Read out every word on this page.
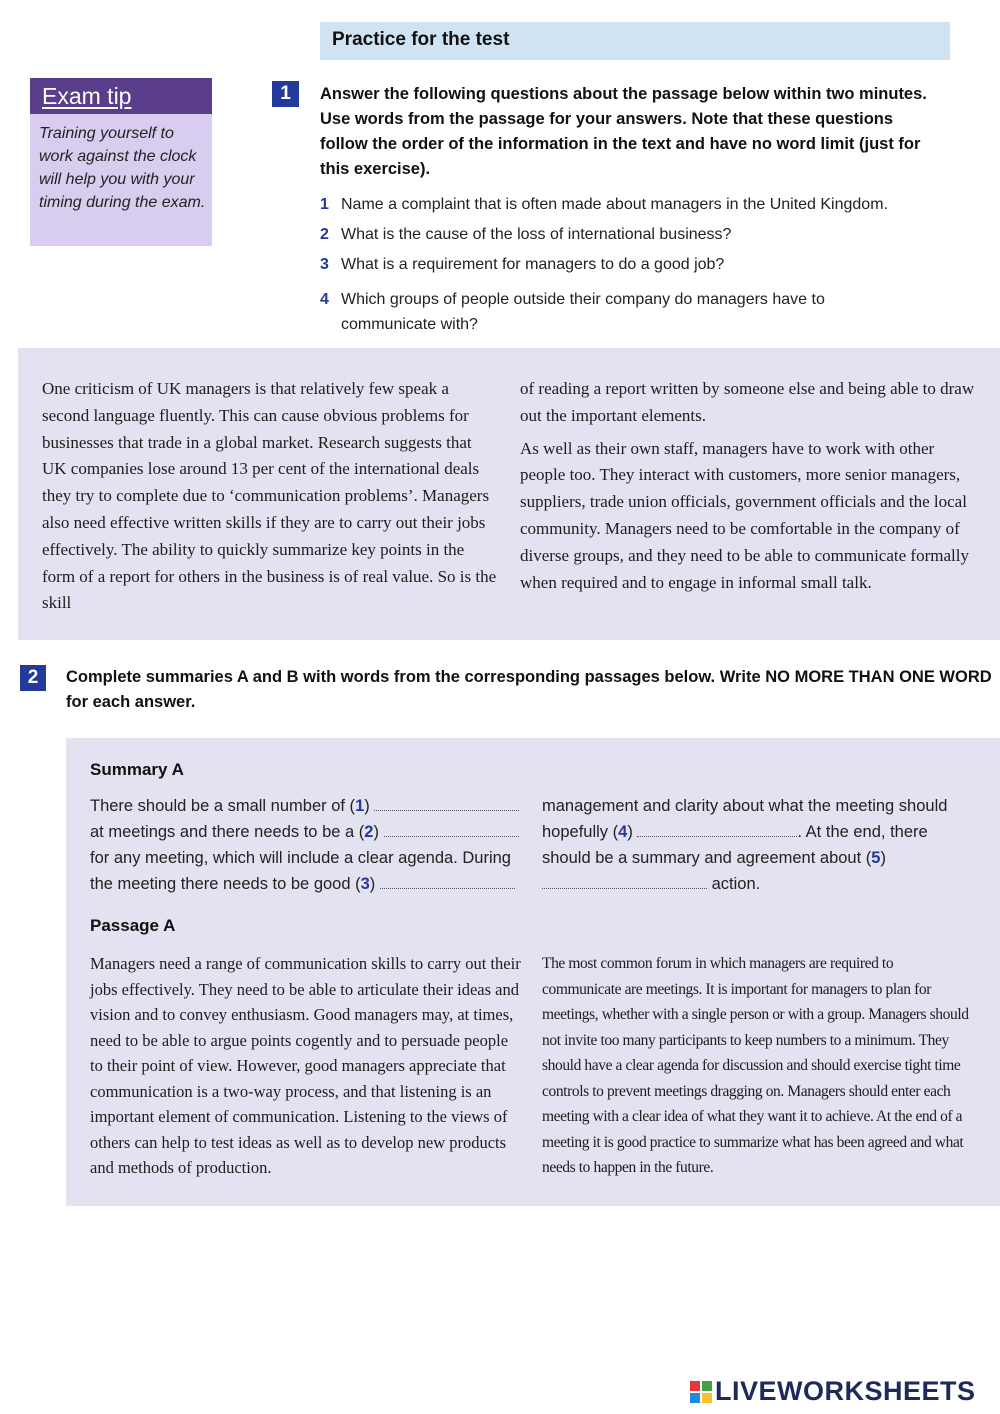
Practice for the test
Exam tip

Training yourself to work against the clock will help you with your timing during the exam.

1	Answer the following questions about the passage below within two minutes. Use words from the passage for your answers. Note that these questions follow the order of the information in the text and have no word limit (just for this exercise).
1 Name a complaint that is often made about managers in the United Kingdom.
2 What is the cause of the loss of international business?
3 What is a requirement for managers to do a good job?
4 Which groups of people outside their company do managers have to communicate with?

One criticism of UK managers is that relatively few speak a second language fluently. This can cause obvious problems for businesses that trade in a global market. Research suggests that UK companies lose around 13 per cent of the international deals they try to complete due to ‘communication problems’. Managers also need effective written skills if they are to carry out their jobs effectively. The ability to quickly summarize key points in the form of a report for others in the business is of real value. So is the skill

of reading a report written by someone else and being able to draw out the important elements.

As well as their own staff, managers have to work with other people too. They interact with customers, more senior managers, suppliers, trade union officials, government officials and the local community. Managers need to be comfortable in the company of diverse groups, and they need to be able to communicate formally when required and to engage in informal small talk.

2	Complete summaries A and B with words from the corresponding passages below. Write NO MORE THAN ONE WORD for each answer.
Summary A
There should be a small number of (1)
at meetings and there needs to be a (2)
for any meeting, which will include a clear agenda. During the meeting there needs to be good (3)
management and clarity about what the meeting should hopefully (4)	. At the end, there should be a summary and agreement about (5)  action.
Passage A

Managers need a range of communication skills to carry out their jobs effectively. They need to be able to articulate their ideas and vision and to convey enthusiasm. Good managers may, at times, need to be able to argue points cogently and to persuade people to their point of view. However, good managers appreciate that communication is a two-way process, and that listening is an important element of communication. Listening to the views of others can help to test ideas as well as to develop new products and methods of production.

The most common forum in which managers are required to communicate are meetings. It is important for managers to plan for meetings, whether with a single person or with a group. Managers should not invite too many participants to keep numbers to a minimum. They should have a clear agenda for discussion and should exercise tight time controls to prevent meetings dragging on. Managers should enter each meeting with a clear idea of what they want it to achieve. At the end of a meeting it is good practice to summarize what has been agreed and what needs to happen in the future.

LIVEWORKSHEETS
